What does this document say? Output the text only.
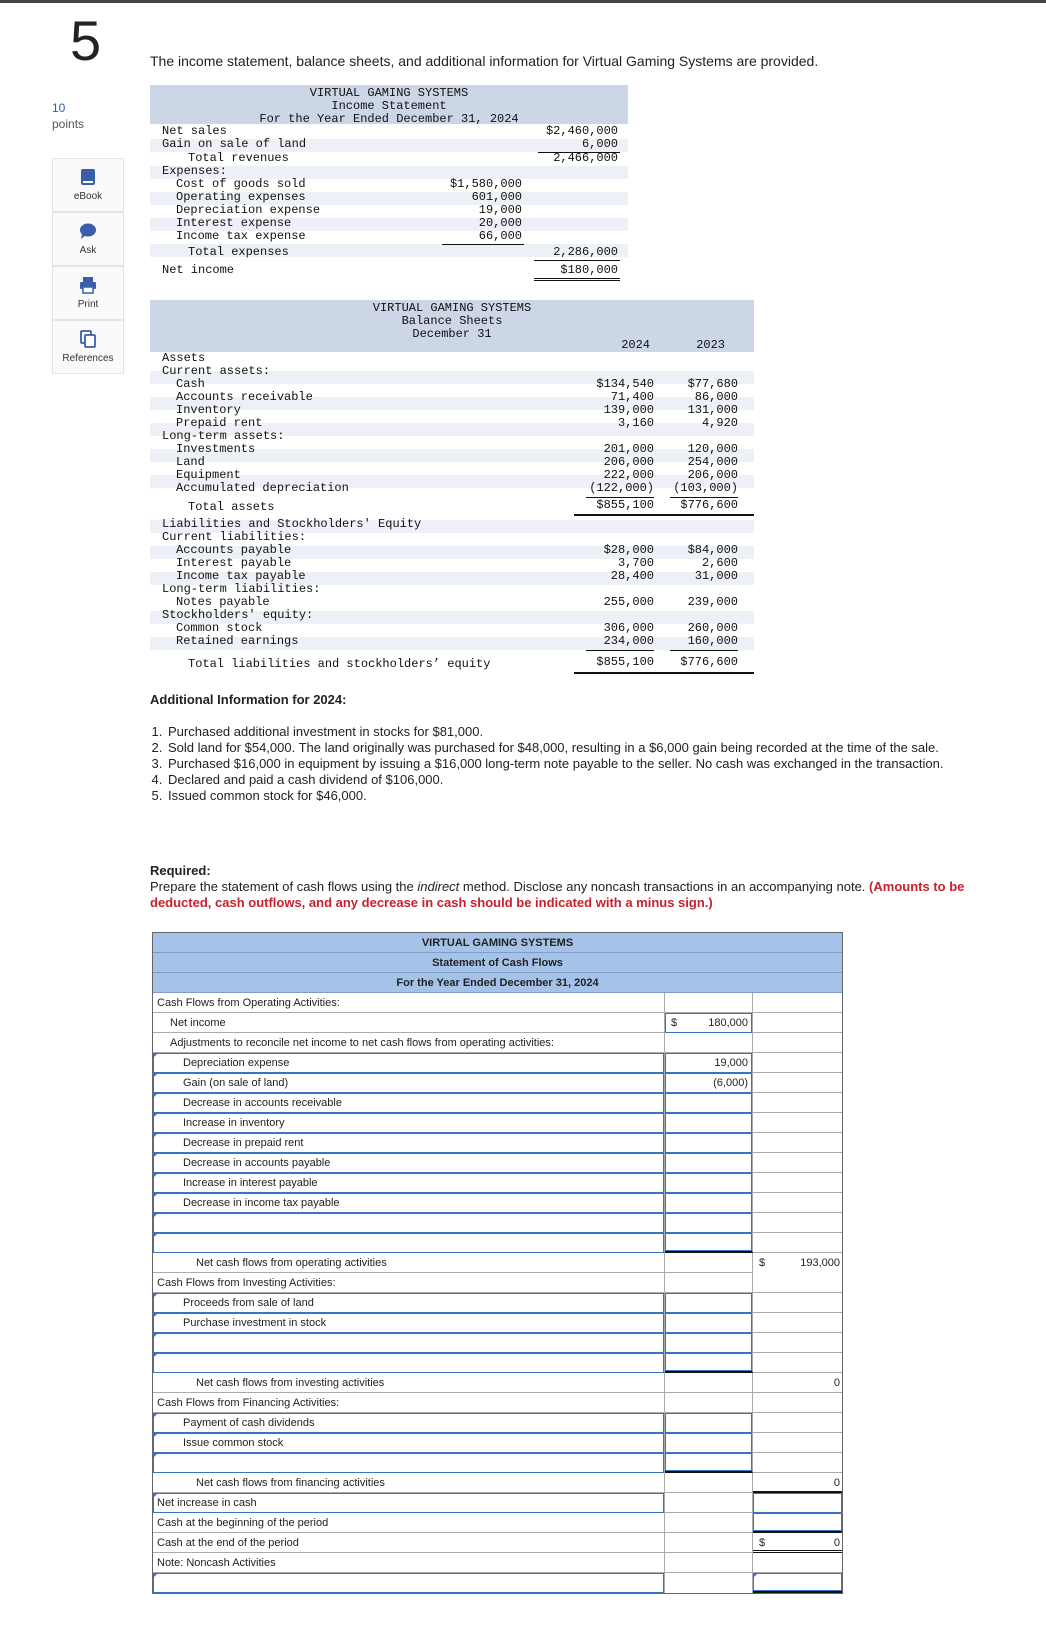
5
10
points
eBook
Ask
Print
References
The income statement, balance sheets, and additional information for Virtual Gaming Systems are provided.
VIRTUAL GAMING SYSTEMS
Income Statement
For the Year Ended December 31, 2024
Net sales	$2,460,000
Gain on sale of land	6,000
Total revenues	2,466,000
Expenses:
Cost of goods sold	$1,580,000
Operating expenses	601,000
Depreciation expense	19,000
Interest expense	20,000
Income tax expense	66,000
Total expenses	2,286,000
Net income	$180,000
VIRTUAL GAMING SYSTEMS
Balance Sheets
December 31
2024	2023
Assets
Current assets:
Cash	$134,540	$77,680
Accounts receivable	71,400	86,000
Inventory	139,000	131,000
Prepaid rent	3,160	4,920
Long-term assets:
Investments	201,000	120,000
Land	206,000	254,000
Equipment	222,000	206,000
Accumulated depreciation	(122,000)	(103,000)
Total assets	$855,100	$776,600
Liabilities and Stockholders' Equity
Current liabilities:
Accounts payable	$28,000	$84,000
Interest payable	3,700	2,600
Income tax payable	28,400	31,000
Long-term liabilities:
Notes payable	255,000	239,000
Stockholders' equity:
Common stock	306,000	260,000
Retained earnings	234,000	160,000
Total liabilities and stockholders’ equity	$855,100	$776,600
Additional Information for 2024:
1. Purchased additional investment in stocks for $81,000.
2. Sold land for $54,000. The land originally was purchased for $48,000, resulting in a $6,000 gain being recorded at the time of the sale.
3. Purchased $16,000 in equipment by issuing a $16,000 long-term note payable to the seller. No cash was exchanged in the transaction.
4. Declared and paid a cash dividend of $106,000.
5. Issued common stock for $46,000.
Required:
Prepare the statement of cash flows using the indirect method. Disclose any noncash transactions in an accompanying note. (Amounts to be deducted, cash outflows, and any decrease in cash should be indicated with a minus sign.)
VIRTUAL GAMING SYSTEMS
Statement of Cash Flows
For the Year Ended December 31, 2024
Cash Flows from Operating Activities:
Net income	$	180,000
Adjustments to reconcile net income to net cash flows from operating activities:
Depreciation expense	19,000
Gain (on sale of land)	(6,000)
Decrease in accounts receivable
Increase in inventory
Decrease in prepaid rent
Decrease in accounts payable
Increase in interest payable
Decrease in income tax payable
Net cash flows from operating activities	$	193,000
Cash Flows from Investing Activities:
Proceeds from sale of land
Purchase investment in stock
Net cash flows from investing activities	0
Cash Flows from Financing Activities:
Payment of cash dividends
Issue common stock
Net cash flows from financing activities	0
Net increase in cash
Cash at the beginning of the period
Cash at the end of the period	$	0
Note: Noncash Activities
